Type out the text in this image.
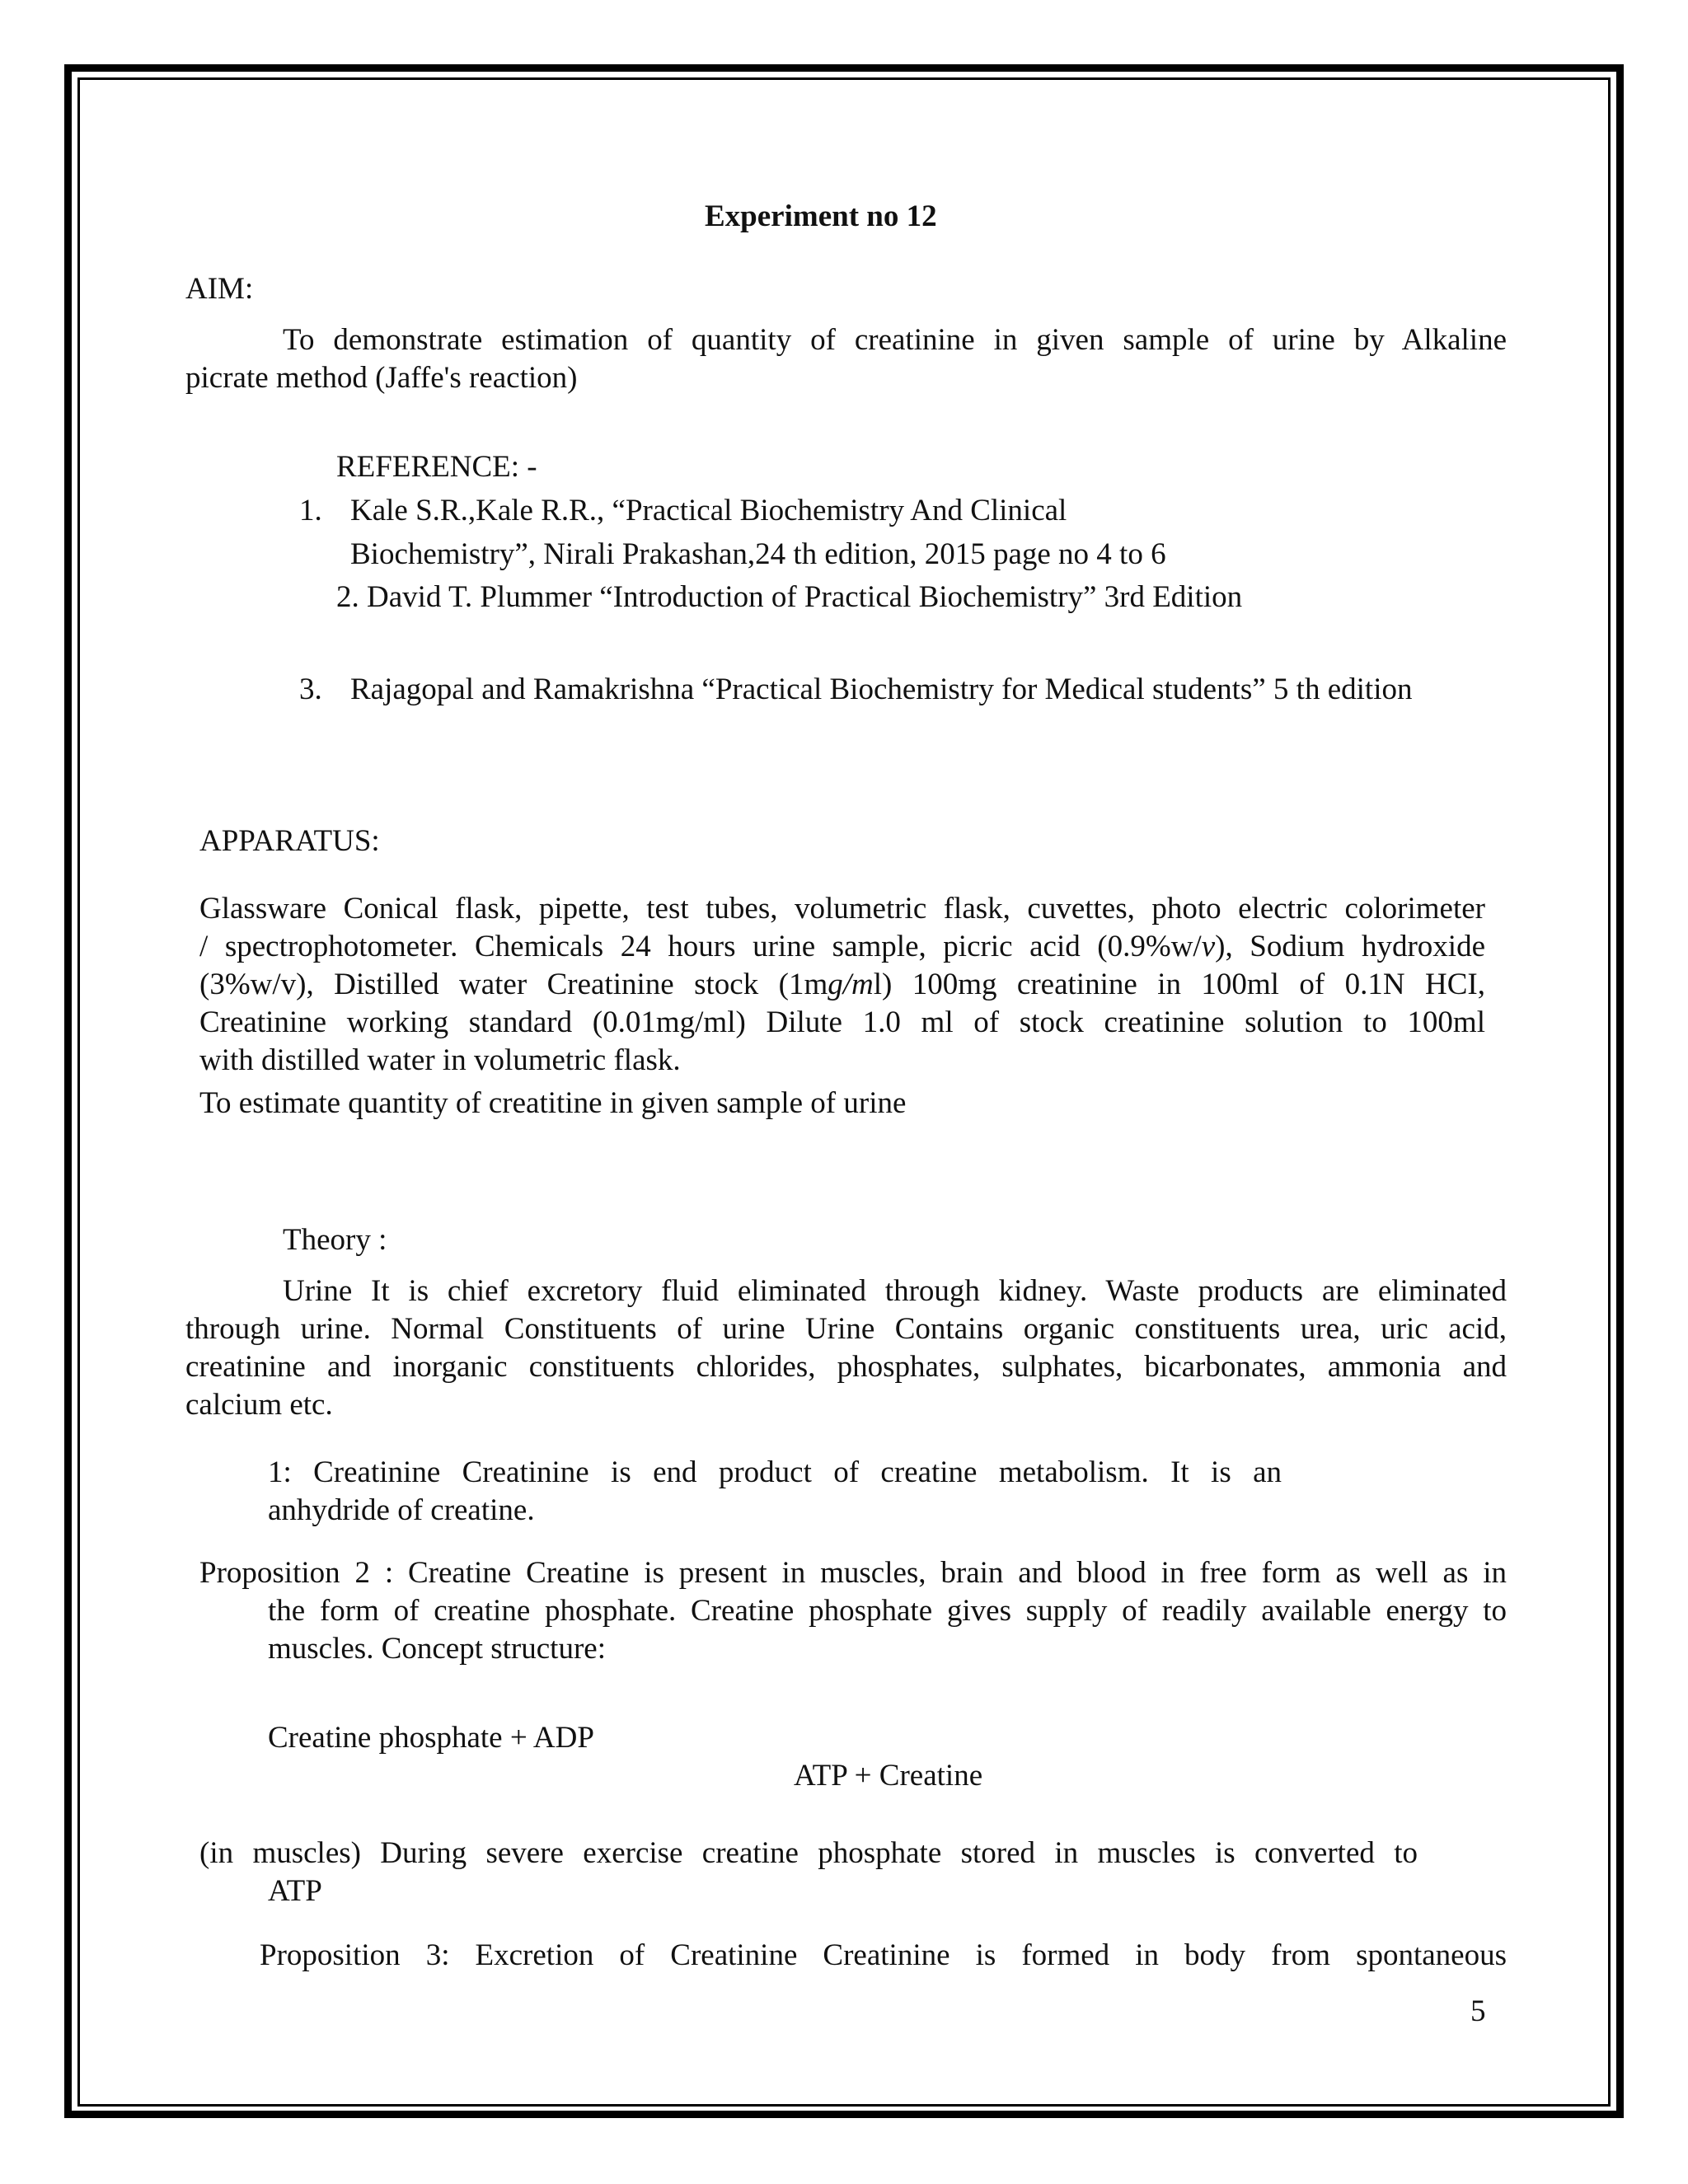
Experiment no 12
AIM:
To demonstrate estimation of quantity of creatinine in given sample of urine by Alkaline
picrate method (Jaffe's reaction)
REFERENCE: -
1. Kale S.R.,Kale R.R., “Practical Biochemistry And Clinical
Biochemistry”, Nirali Prakashan,24 th edition, 2015 page no 4 to 6
2. David T. Plummer “Introduction of Practical Biochemistry” 3rd Edition
3. Rajagopal and Ramakrishna “Practical Biochemistry for Medical students” 5 th edition
APPARATUS:
Glassware Conical flask, pipette, test tubes, volumetric flask, cuvettes, photo electric colorimeter
/ spectrophotometer. Chemicals 24 hours urine sample, picric acid (0.9%w/v), Sodium hydroxide
(3%w/v), Distilled water Creatinine stock (1mg/ml) 100mg creatinine in 100ml of 0.1N HCI,
Creatinine working standard (0.01mg/ml) Dilute 1.0 ml of stock creatinine solution to 100ml
with distilled water in volumetric flask.
To estimate quantity of creatitine in given sample of urine
Theory :
Urine It is chief excretory fluid eliminated through kidney. Waste products are eliminated
through urine. Normal Constituents of urine Urine Contains organic constituents urea, uric acid,
creatinine and inorganic constituents chlorides, phosphates, sulphates, bicarbonates, ammonia and
calcium etc.
1: Creatinine Creatinine is end product of creatine metabolism. It is an
anhydride of creatine.
Proposition 2 : Creatine Creatine is present in muscles, brain and blood in free form as well as in
the form of creatine phosphate. Creatine phosphate gives supply of readily available energy to
muscles. Concept structure:
Creatine phosphate + ADP
ATP + Creatine
(in muscles) During severe exercise creatine phosphate stored in muscles is converted to
ATP
Proposition 3: Excretion of Creatinine Creatinine is formed in body from spontaneous
5
